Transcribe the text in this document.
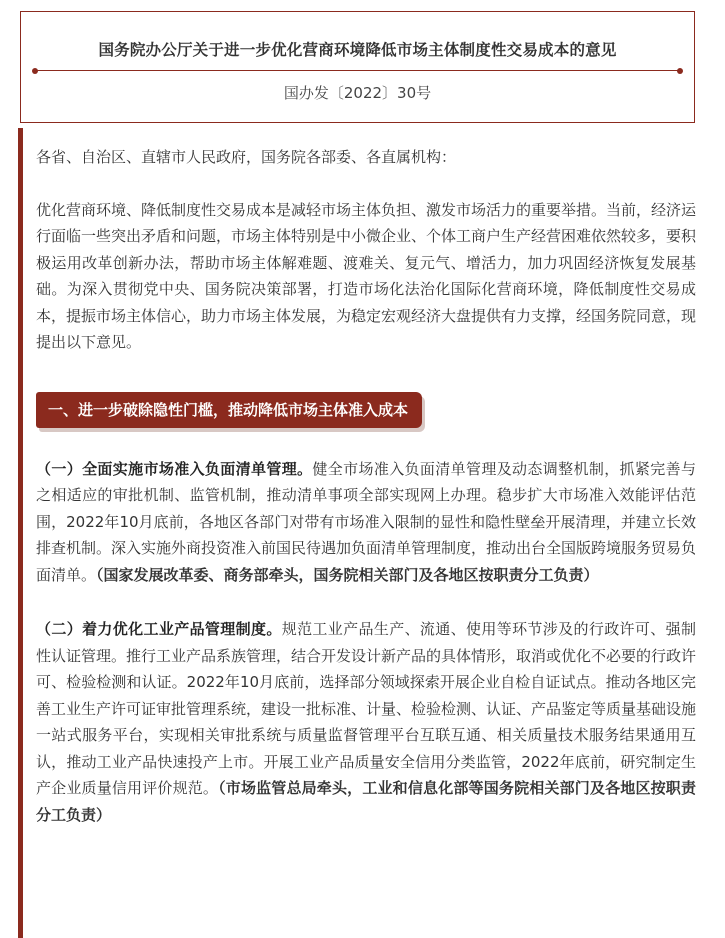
国务院办公厅关于进一步优化营商环境降低市场主体制度性交易成本的意见
国办发〔2022〕30号

各省、自治区、直辖市人民政府，国务院各部委、各直属机构：

优化营商环境、降低制度性交易成本是减轻市场主体负担、激发市场活力的重要举措。当前，经济运行面临一些突出矛盾和问题，市场主体特别是中小微企业、个体工商户生产经营困难依然较多，要积极运用改革创新办法，帮助市场主体解难题、渡难关、复元气、增活力，加力巩固经济恢复发展基础。为深入贯彻党中央、国务院决策部署，打造市场化法治化国际化营商环境，降低制度性交易成本，提振市场主体信心，助力市场主体发展，为稳定宏观经济大盘提供有力支撑，经国务院同意，现提出以下意见。

一、进一步破除隐性门槛，推动降低市场主体准入成本

（一）全面实施市场准入负面清单管理。健全市场准入负面清单管理及动态调整机制，抓紧完善与之相适应的审批机制、监管机制，推动清单事项全部实现网上办理。稳步扩大市场准入效能评估范围，2022年10月底前，各地区各部门对带有市场准入限制的显性和隐性壁垒开展清理，并建立长效排查机制。深入实施外商投资准入前国民待遇加负面清单管理制度，推动出台全国版跨境服务贸易负面清单。（国家发展改革委、商务部牵头，国务院相关部门及各地区按职责分工负责）

（二）着力优化工业产品管理制度。规范工业产品生产、流通、使用等环节涉及的行政许可、强制性认证管理。推行工业产品系族管理，结合开发设计新产品的具体情形，取消或优化不必要的行政许可、检验检测和认证。2022年10月底前，选择部分领域探索开展企业自检自证试点。推动各地区完善工业生产许可证审批管理系统，建设一批标准、计量、检验检测、认证、产品鉴定等质量基础设施一站式服务平台，实现相关审批系统与质量监督管理平台互联互通、相关质量技术服务结果通用互认，推动工业产品快速投产上市。开展工业产品质量安全信用分类监管，2022年底前，研究制定生产企业质量信用评价规范。（市场监管总局牵头，工业和信息化部等国务院相关部门及各地区按职责分工负责）
